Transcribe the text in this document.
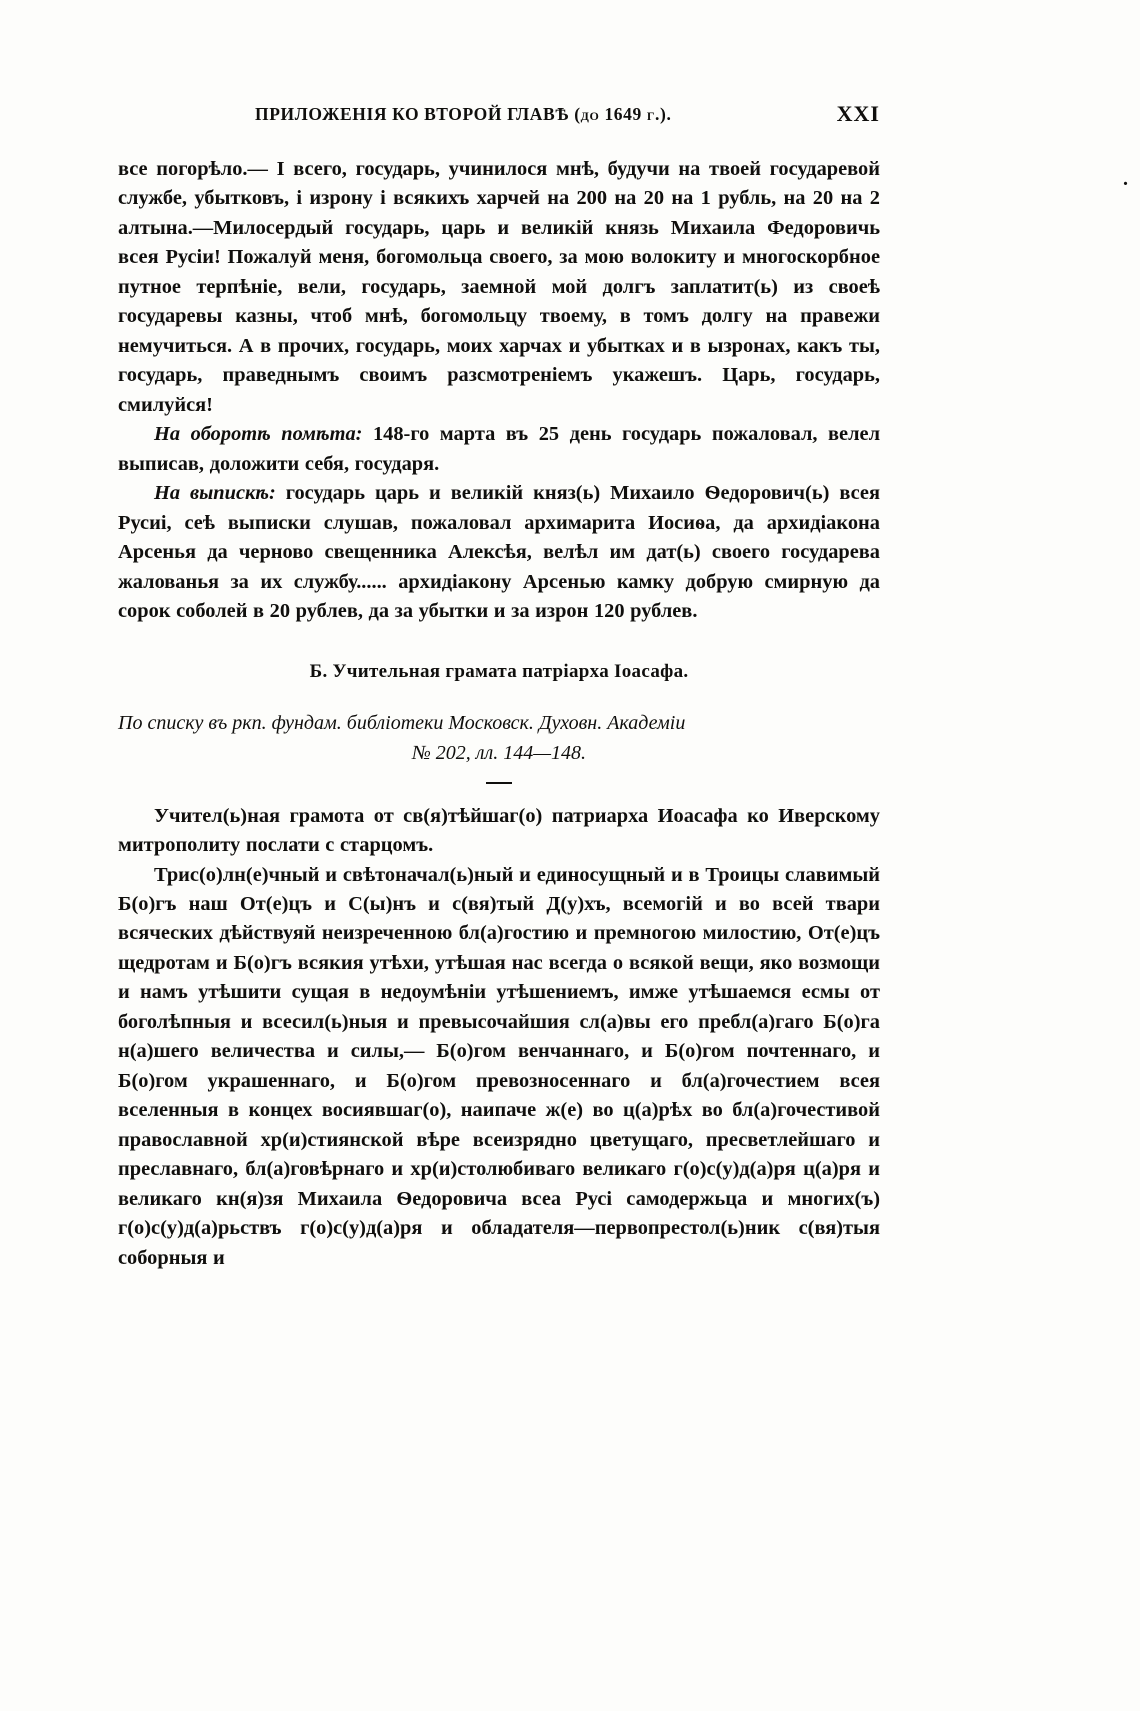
.
ПРИЛОЖЕНІЯ КО ВТОРОЙ ГЛАВѢ (до 1649 г.).	XXI

все погорѣло.— I всего, государь, учинилося мнѣ, будучи на твоей государевой службе, убытковъ, і изрону і всякихъ харчей на 200 на 20 на 1 рубль, на 20 на 2 алтына.—Милосердый государь, царь и великій князь Михаила Федоровичь всея Русіи! Пожалуй меня, богомольца своего, за мою волокиту и многоскорбное путное терпѣніе, вели, государь, заемной мой долгъ заплатит(ь) из своеѣ государевы казны, чтоб мнѣ, богомольцу твоему, в томъ долгу на правежи немучиться. А в прочих, государь, моих харчах и убытках и в ызронах, какъ ты, государь, праведнымъ своимъ разсмотреніемъ укажешъ. Царь, государь, смилуйся!

На оборотѣ помѣта: 148-го марта въ 25 день государь пожаловал, велел выписав, доложити себя, государя.

На выпискѣ: государь царь и великій княз(ь) Михаило Ѳедорович(ь) всея Русиі, сеѣ выписки слушав, пожаловал архимарита Иосиѳа, да архидіакона Арсенья да черново свещенника Алексѣя, велѣл им дат(ь) своего государева жалованья за их службу...... архидіакону Арсенью камку добрую смирную да сорок соболей в 20 рублев, да за убытки и за изрон 120 рублев.

Б. Учительная грамата патріарха Іоасафа.
По списку въ ркп. фундам. библіотеки Московск. Духовн. Академіи
№ 202, лл. 144—148.

Учител(ь)ная грамота от св(я)тѣйшаг(о) патриарха Иоасафа ко Иверскому митрополиту послати с старцомъ.

Трис(о)лн(е)чный и свѣтоначал(ь)ный и единосущный и в Троицы славимый Б(о)гъ наш От(е)цъ и С(ы)нъ и с(вя)тый Д(у)хъ, всемогій и во всей твари всяческих дѣйствуяй неизреченною бл(а)гостию и премногою милостию, От(е)цъ щедротам и Б(о)гъ всякия утѣхи, утѣшая нас всегда о всякой вещи, яко возмощи и намъ утѣшити сущая в недоумѣніи утѣшениемъ, имже утѣшаемся есмы от боголѣпныя и всесил(ь)ныя и превысочайшия сл(а)вы его пребл(а)гаго Б(о)га н(а)шего величества и силы,— Б(о)гом венчаннаго, и Б(о)гом почтеннаго, и Б(о)гом украшеннаго, и Б(о)гом превозносеннаго и бл(а)гочестием всея вселенныя в концех восиявшаг(о), наипаче ж(е) во ц(а)рѣх во бл(а)гочестивой православной хр(и)стиянской вѣре всеизрядно цветущаго, пресветлейшаго и преславнаго, бл(а)говѣрнаго и хр(и)столюбиваго великаго г(о)с(у)д(а)ря ц(а)ря и великаго кн(я)зя Михаила Ѳедоровича всеа Русі самодержьца и многих(ъ) г(о)с(у)д(а)рьствъ г(о)с(у)д(а)ря и обладателя—первопрестол(ь)ник с(вя)тыя соборныя и
